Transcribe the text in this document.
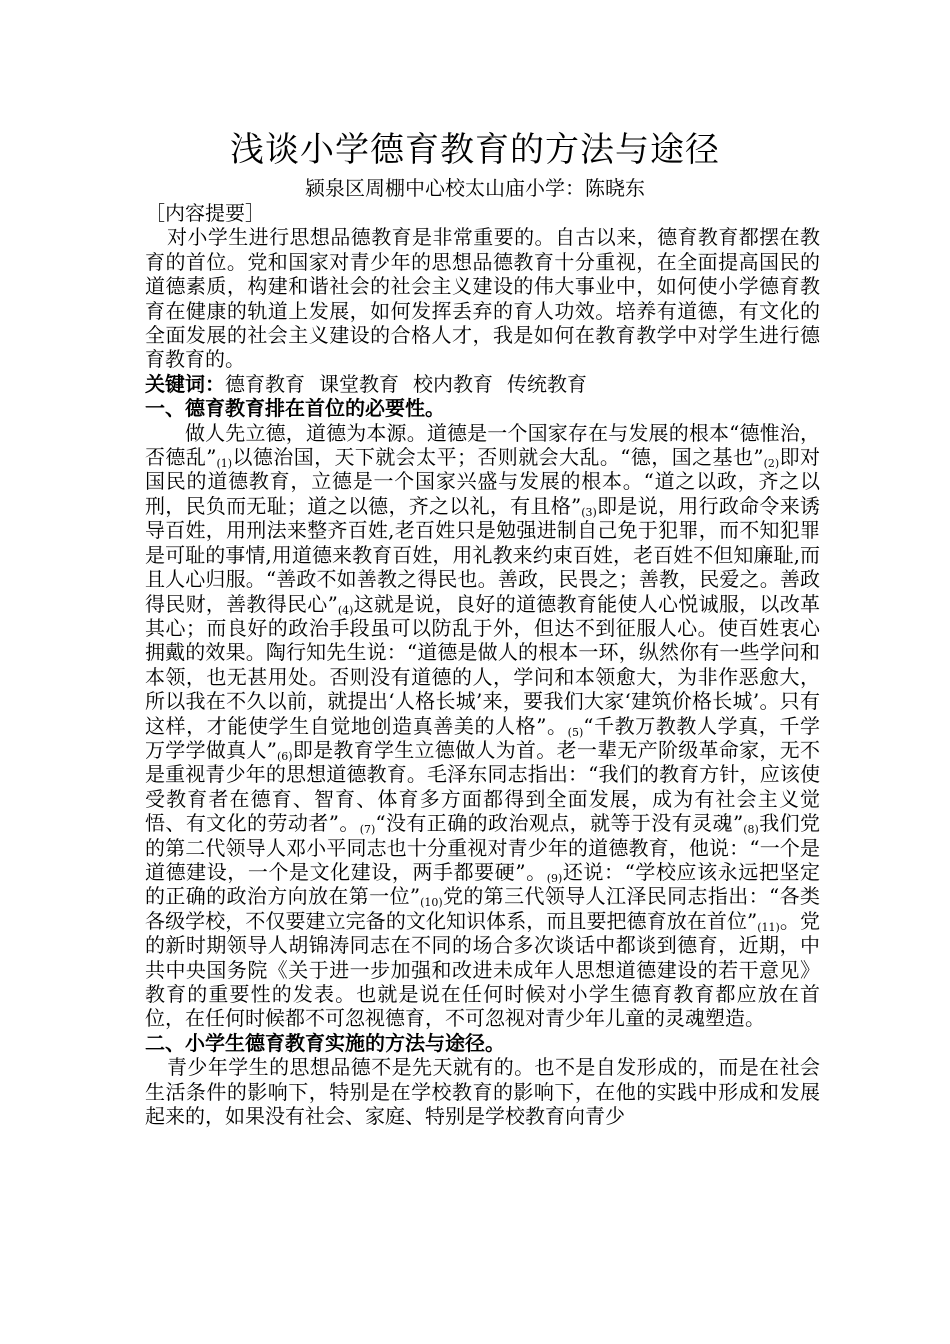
浅谈小学德育教育的方法与途径
颍泉区周棚中心校太山庙小学：陈晓东

［内容提要］

对小学生进行思想品德教育是非常重要的。自古以来，德育教育都摆在教育的首位。党和国家对青少年的思想品德教育十分重视，在全面提高国民的道德素质，构建和谐社会的社会主义建设的伟大事业中，如何使小学德育教育在健康的轨道上发展，如何发挥丢弃的育人功效。培养有道德，有文化的全面发展的社会主义建设的合格人才，我是如何在教育教学中对学生进行德育教育的。

关键词：德育教育 课堂教育 校内教育 传统教育

一、德育教育排在首位的必要性。

做人先立德，道德为本源。道德是一个国家存在与发展的根本“德惟治，否德乱$”_{(1)}$以德治国，天下就会太平；否则就会大乱。“德，国之基也$”_{(2)}$即对国民的道德教育，立德是一个国家兴盛与发展的根本。“道之以政，齐之以刑，民负而无耻；道之以德，齐之以礼，有且格$”_{(3)}$即是说，用行政命令来诱导百姓，用刑法来整齐百姓,老百姓只是勉强进制自己免于犯罪，而不知犯罪是可耻的事情,用道德来教育百姓，用礼教来约束百姓，老百姓不但知廉耻,而且人心归服。“善政不如善教之得民也。善政，民畏之；善教，民爱之。善政得民财，善教得民心$”_{(4)}$这就是说，良好的道德教育能使人心悦诚服，以改革其心；而良好的政治手段虽可以防乱于外，但达不到征服人心。使百姓衷心拥戴的效果。陶行知先生说：“道德是做人的根本一环，纵然你有一些学问和本领，也无甚用处。否则没有道德的人，学问和本领愈大，为非作恶愈大，所以我在不久以前，就提出‘人格长城’来，要我们大家‘建筑价格长城’。只有这样，才能使学生自觉地创造真善美的人格”。$_{(5)}$“千教万教教人学真，千学万学学做真人$”_{(6)}$即是教育学生立德做人为首。老一辈无产阶级革命家，无不是重视青少年的思想道德教育。毛泽东同志指出：“我们的教育方针，应该使受教育者在德育、智育、体育多方面都得到全面发展，成为有社会主义觉悟、有文化的劳动者”。$_{(7)}$“没有正确的政治观点，就等于没有灵魂$”_{(8)}$我们党的第二代领导人邓小平同志也十分重视对青少年的道德教育，他说：“一个是道德建设，一个是文化建设，两手都要硬”。$_{(9)}$还说：“学校应该永远把坚定的正确的政治方向放在第一位$”_{(10)}$党的第三代领导人江泽民同志指出：“各类各级学校，不仅要建立完备的文化知识体系，而且要把德育放在首位$”_{(11)}$。党的新时期领导人胡锦涛同志在不同的场合多次谈话中都谈到德育，近期，中共中央国务院《关于进一步加强和改进未成年人思想道德建设的若干意见》教育的重要性的发表。也就是说在任何时候对小学生德育教育都应放在首位，在任何时候都不可忽视德育，不可忽视对青少年儿童的灵魂塑造。

二、小学生德育教育实施的方法与途径。

青少年学生的思想品德不是先天就有的。也不是自发形成的，而是在社会生活条件的影响下，特别是在学校教育的影响下，在他的实践中形成和发展起来的，如果没有社会、家庭、特别是学校教育向青少
